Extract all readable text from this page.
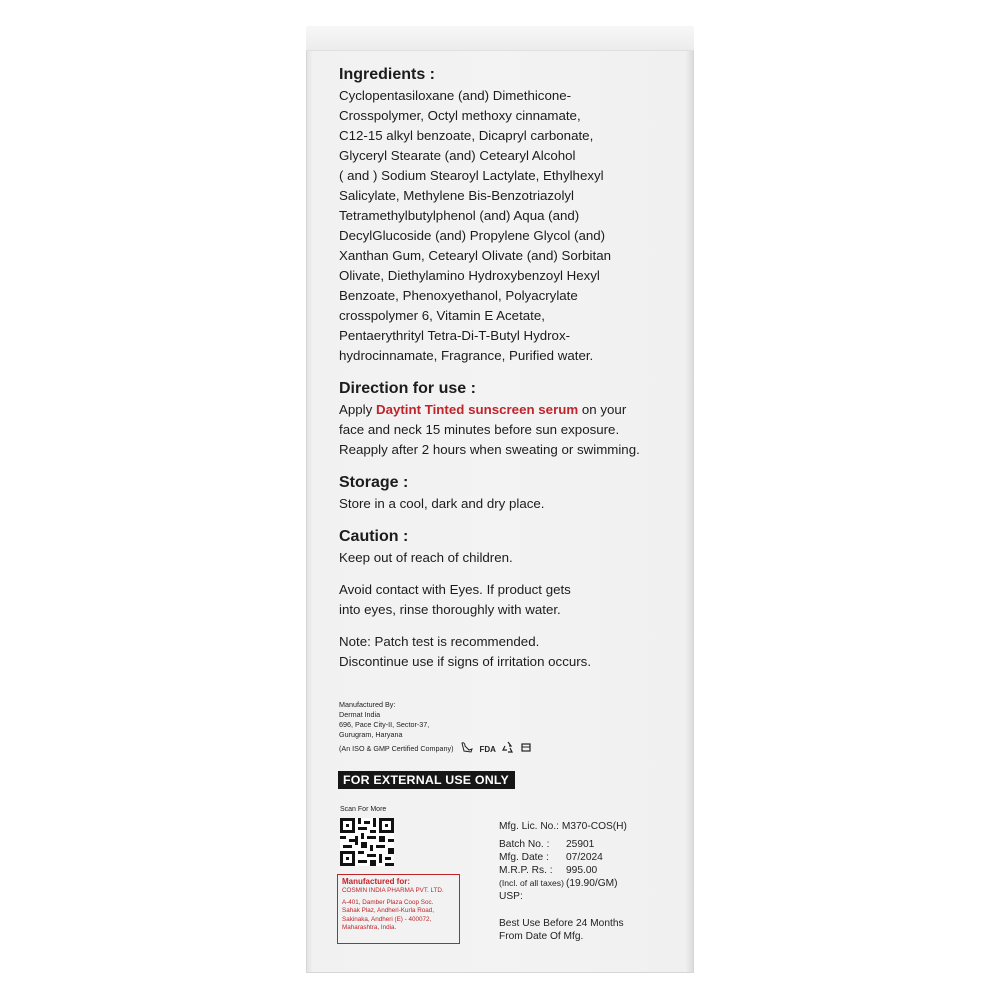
Ingredients :

Cyclopentasiloxane (and) Dimethicone-

Crosspolymer, Octyl methoxy cinnamate,

C12-15 alkyl benzoate, Dicapryl carbonate,

Glyceryl Stearate (and) Cetearyl Alcohol

( and ) Sodium Stearoyl Lactylate, Ethylhexyl

Salicylate, Methylene Bis-Benzotriazolyl

Tetramethylbutylphenol (and) Aqua (and)

DecylGlucoside (and) Propylene Glycol (and)

Xanthan Gum, Cetearyl Olivate (and) Sorbitan

Olivate, Diethylamino Hydroxybenzoyl Hexyl

Benzoate, Phenoxyethanol, Polyacrylate

crosspolymer 6, Vitamin E Acetate,

Pentaerythrityl Tetra-Di-T-Butyl Hydrox-

hydrocinnamate, Fragrance, Purified water.

Direction for use :

Apply Daytint Tinted sunscreen serum on your

face and neck 15 minutes before sun exposure.

Reapply after 2 hours when sweating or swimming.

Storage :

Store in a cool, dark and dry place.

Caution :

Keep out of reach of children.

Avoid contact with Eyes. If product gets

into eyes, rinse thoroughly with water.

Note: Patch test is recommended.

Discontinue use if signs of irritation occurs.

Manufactured By:

Dermat India

696, Pace City-II, Sector-37,

Gurugram, Haryana

(An ISO & GMP Certified Company)	FDA
FOR EXTERNAL USE ONLY
Scan For More

Manufactured for:

COSMIN INDIA PHARMA PVT. LTD.

A-401, Damber Plaza Coop Soc.

Sahak Plaz, Andheri-Kurla Road,

Sakinaka, Andheri (E) - 400072,

Maharashtra, India.

Mfg. Lic. No.: M370-COS(H)
Batch No. :	25901
Mfg. Date :	07/2024
M.R.P. Rs. :	995.00
(Incl. of all taxes) (19.90/GM)
USP:
Best Use Before 24 Months
From Date Of Mfg.
